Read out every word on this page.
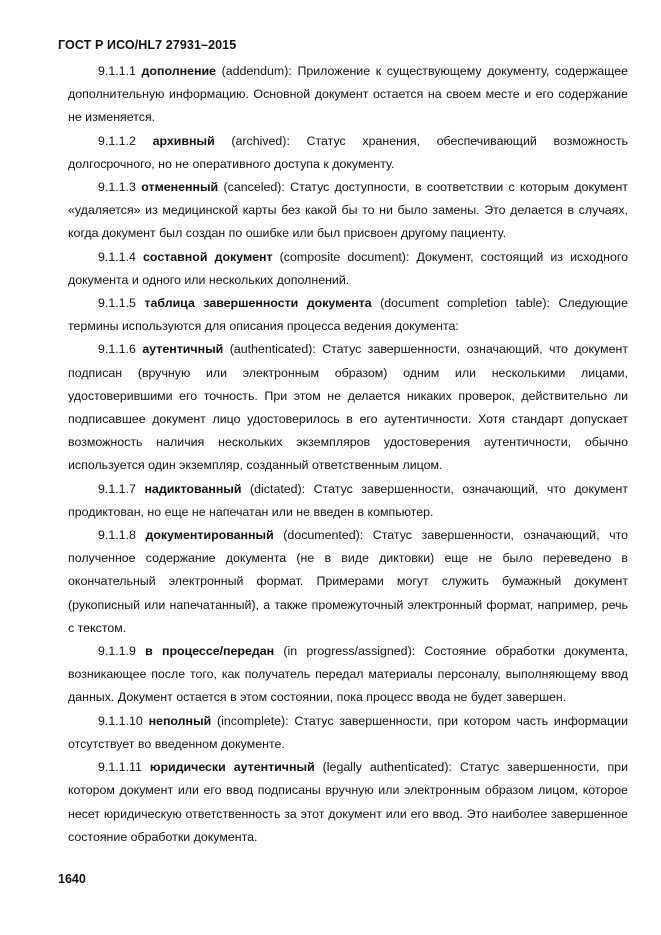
ГОСТ Р ИСО/HL7 27931–2015

9.1.1.1 дополнение (addendum): Приложение к существующему документу, содержащее дополнительную информацию. Основной документ остается на своем месте и его содержание не изменяется.

9.1.1.2 архивный (archived): Статус хранения, обеспечивающий возможность долгосрочного, но не оперативного доступа к документу.

9.1.1.3 отмененный (canceled): Статус доступности, в соответствии с которым документ «удаляется» из медицинской карты без какой бы то ни было замены. Это делается в случаях, когда документ был создан по ошибке или был присвоен другому пациенту.

9.1.1.4 составной документ (composite document): Документ, состоящий из исходного документа и одного или нескольких дополнений.

9.1.1.5 таблица завершенности документа (document completion table): Следующие термины используются для описания процесса ведения документа:

9.1.1.6 аутентичный (authenticated): Статус завершенности, означающий, что документ подписан (вручную или электронным образом) одним или несколькими лицами, удостоверившими его точность. При этом не делается никаких проверок, действительно ли подписавшее документ лицо удостоверилось в его аутентичности. Хотя стандарт допускает возможность наличия нескольких экземпляров удостоверения аутентичности, обычно используется один экземпляр, созданный ответственным лицом.

9.1.1.7 надиктованный (dictated): Статус завершенности, означающий, что документ продиктован, но еще не напечатан или не введен в компьютер.

9.1.1.8 документированный (documented): Статус завершенности, означающий, что полученное содержание документа (не в виде диктовки) еще не было переведено в окончательный электронный формат. Примерами могут служить бумажный документ (рукописный или напечатанный), а также промежуточный электронный формат, например, речь с текстом.

9.1.1.9 в процессе/передан (in progress/assigned): Состояние обработки документа, возникающее после того, как получатель передал материалы персоналу, выполняющему ввод данных. Документ остается в этом состоянии, пока процесс ввода не будет завершен.

9.1.1.10 неполный (incomplete): Статус завершенности, при котором часть информации отсутствует во введенном документе.

9.1.1.11 юридически аутентичный (legally authenticated): Статус завершенности, при котором документ или его ввод подписаны вручную или электронным образом лицом, которое несет юридическую ответственность за этот документ или его ввод. Это наиболее завершенное состояние обработки документа.

1640
